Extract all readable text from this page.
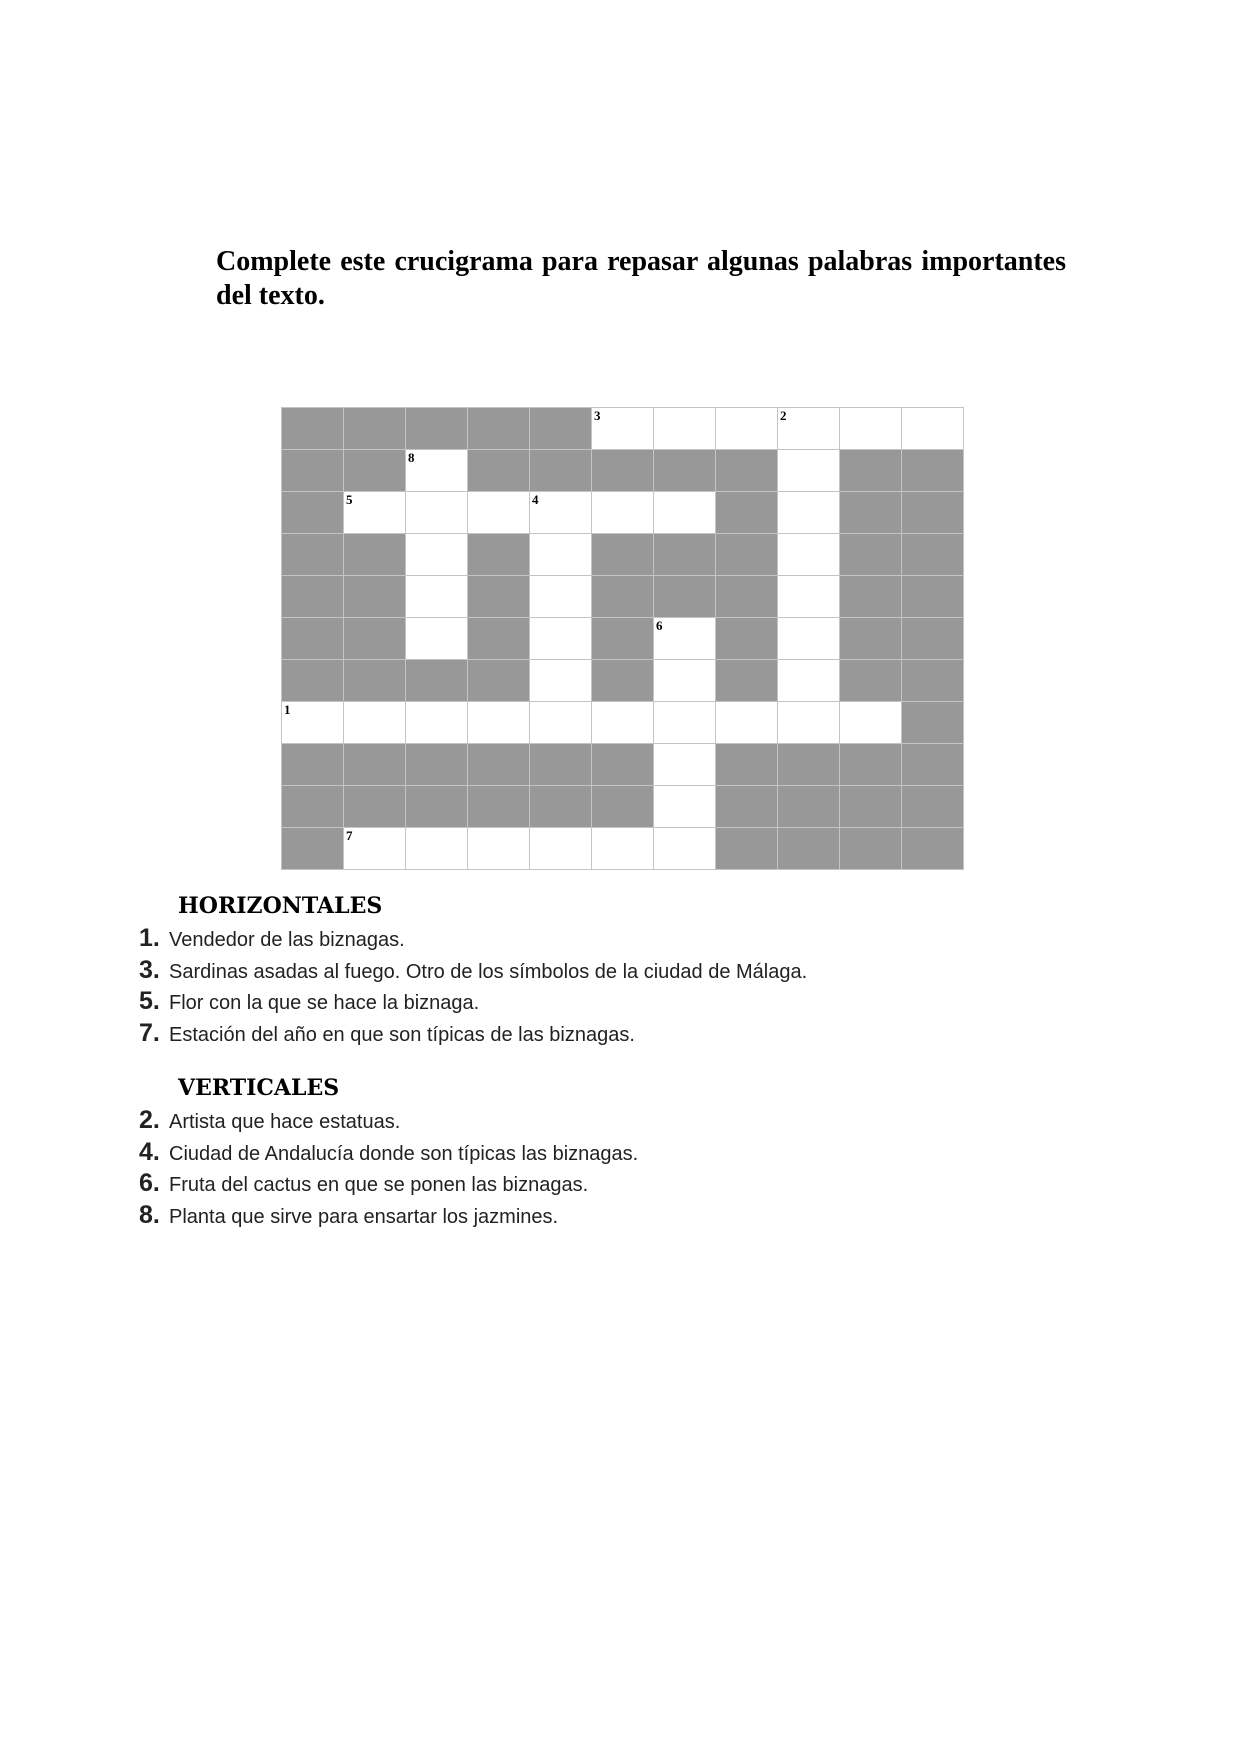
Complete este crucigrama para repasar algunas palabras importantes del texto.

3	2
8
5	4
6
1
7
HORIZONTALES
1. Vendedor de las biznagas.
3. Sardinas asadas al fuego. Otro de los símbolos de la ciudad de Málaga.
5. Flor con la que se hace la biznaga.
7. Estación del año en que son típicas de las biznagas.
VERTICALES
2. Artista que hace estatuas.
4. Ciudad de Andalucía donde son típicas las biznagas.
6. Fruta del cactus en que se ponen las biznagas.
8. Planta que sirve para ensartar los jazmines.
